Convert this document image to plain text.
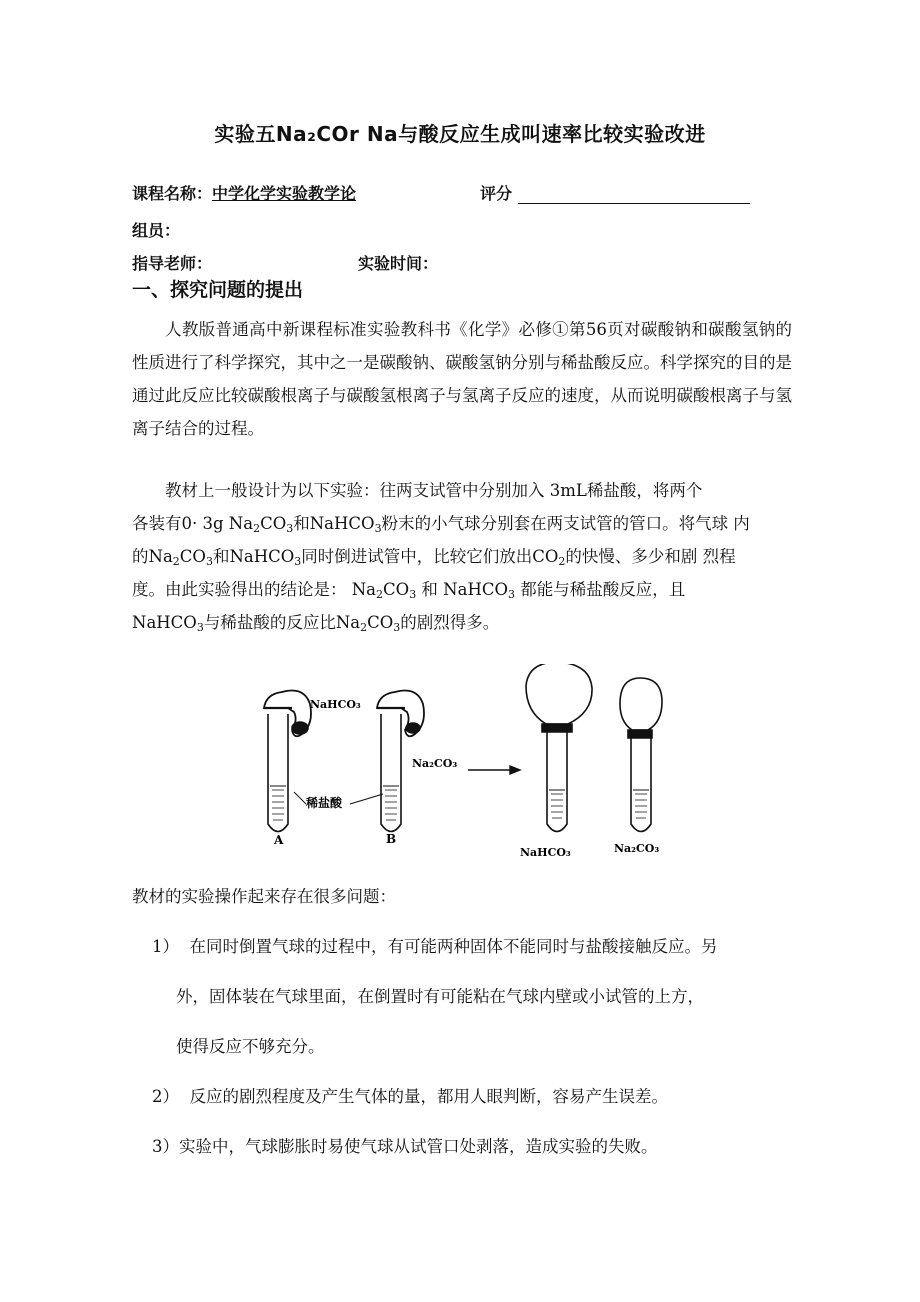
实验五Na₂COr Na与酸反应生成叫速率比较实验改进
课程名称：中学化学实验教学论	评分
组员：
指导老师：	实验时间：
一、探究问题的提出

人教版普通高中新课程标准实验教科书《化学》必修①第56页对碳酸钠和碳酸氢钠的性质进行了科学探究，其中之一是碳酸钠、碳酸氢钠分别与稀盐酸反应。科学探究的目的是通过此反应比较碳酸根离子与碳酸氢根离子与氢离子反应的速度，从而说明碳酸根离子与氢离子结合的过程。

教材上一般设计为以下实验：往两支试管中分别加入 3mL稀盐酸，将两个
各装有0· 3g $Na_2CO_3$和NaHCO$_3$粉末的小气球分别套在两支试管的管口。将气球 内
的$Na_2CO_3$和NaHCO$_3$同时倒进试管中，比较它们放出$CO_2$的快慢、多少和剧 烈程
度。由此实验得出的结论是： $Na_2CO_3$ 和 NaHCO$_3$ 都能与稀盐酸反应，且
NaHCO$_3$与稀盐酸的反应比$Na_2CO_3$的剧烈得多。
NaHCO₃
Na₂CO₃
稀盐酸
A	B
NaHCO₃	Na₂CO₃
教材的实验操作起来存在很多问题：
1） 在同时倒置气球的过程中，有可能两种固体不能同时与盐酸接触反应。另
外，固体装在气球里面，在倒置时有可能粘在气球内壁或小试管的上方，
使得反应不够充分。
2） 反应的剧烈程度及产生气体的量，都用人眼判断，容易产生误差。
3）实验中，气球膨胀时易使气球从试管口处剥落，造成实验的失败。
